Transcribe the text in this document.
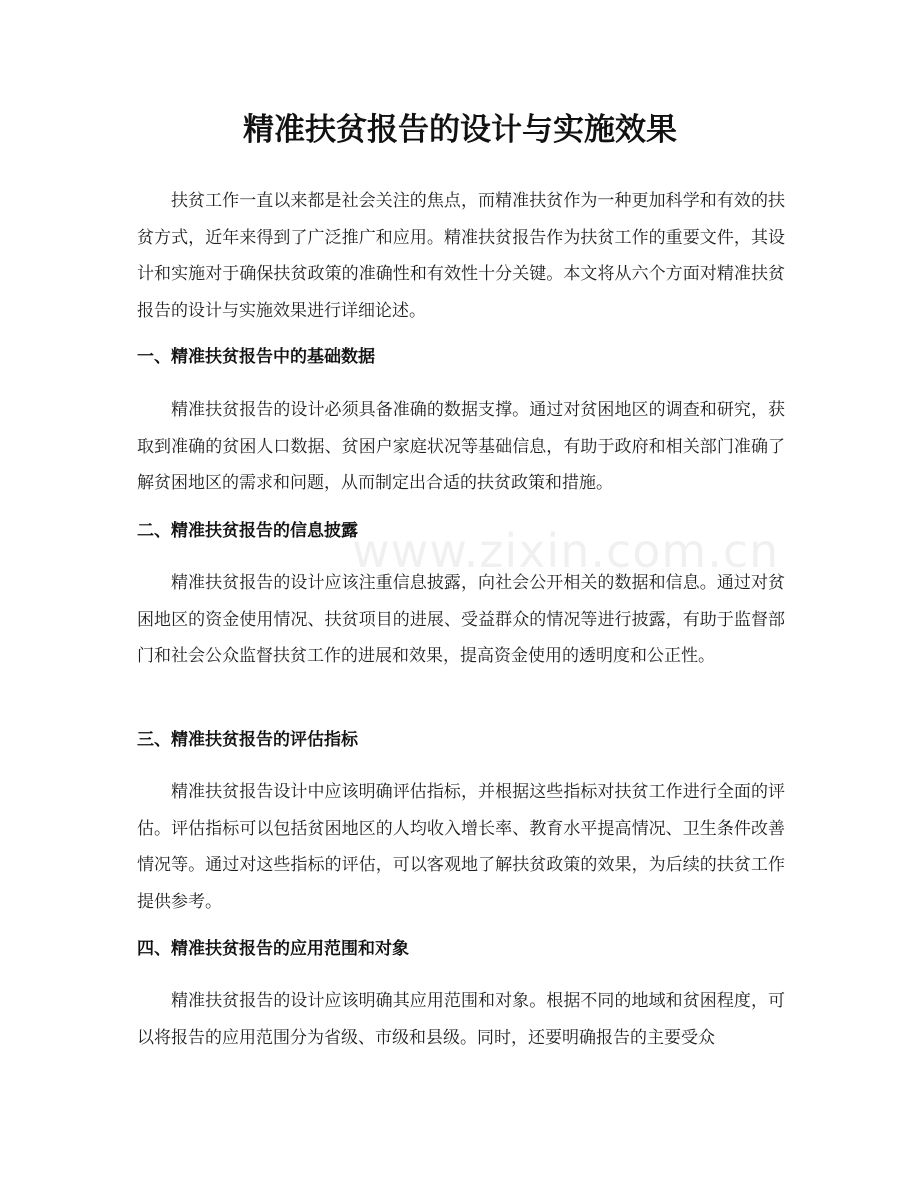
精准扶贫报告的设计与实施效果

扶贫工作一直以来都是社会关注的焦点，而精准扶贫作为一种更加科学和有效的扶贫方式，近年来得到了广泛推广和应用。精准扶贫报告作为扶贫工作的重要文件，其设计和实施对于确保扶贫政策的准确性和有效性十分关键。本文将从六个方面对精准扶贫报告的设计与实施效果进行详细论述。

一、精准扶贫报告中的基础数据

精准扶贫报告的设计必须具备准确的数据支撑。通过对贫困地区的调查和研究，获取到准确的贫困人口数据、贫困户家庭状况等基础信息，有助于政府和相关部门准确了解贫困地区的需求和问题，从而制定出合适的扶贫政策和措施。

二、精准扶贫报告的信息披露

精准扶贫报告的设计应该注重信息披露，向社会公开相关的数据和信息。通过对贫困地区的资金使用情况、扶贫项目的进展、受益群众的情况等进行披露，有助于监督部门和社会公众监督扶贫工作的进展和效果，提高资金使用的透明度和公正性。

三、精准扶贫报告的评估指标

精准扶贫报告设计中应该明确评估指标，并根据这些指标对扶贫工作进行全面的评估。评估指标可以包括贫困地区的人均收入增长率、教育水平提高情况、卫生条件改善情况等。通过对这些指标的评估，可以客观地了解扶贫政策的效果，为后续的扶贫工作提供参考。

四、精准扶贫报告的应用范围和对象

精准扶贫报告的设计应该明确其应用范围和对象。根据不同的地域和贫困程度，可以将报告的应用范围分为省级、市级和县级。同时，还要明确报告的主要受众

www.zixin.com.cn
